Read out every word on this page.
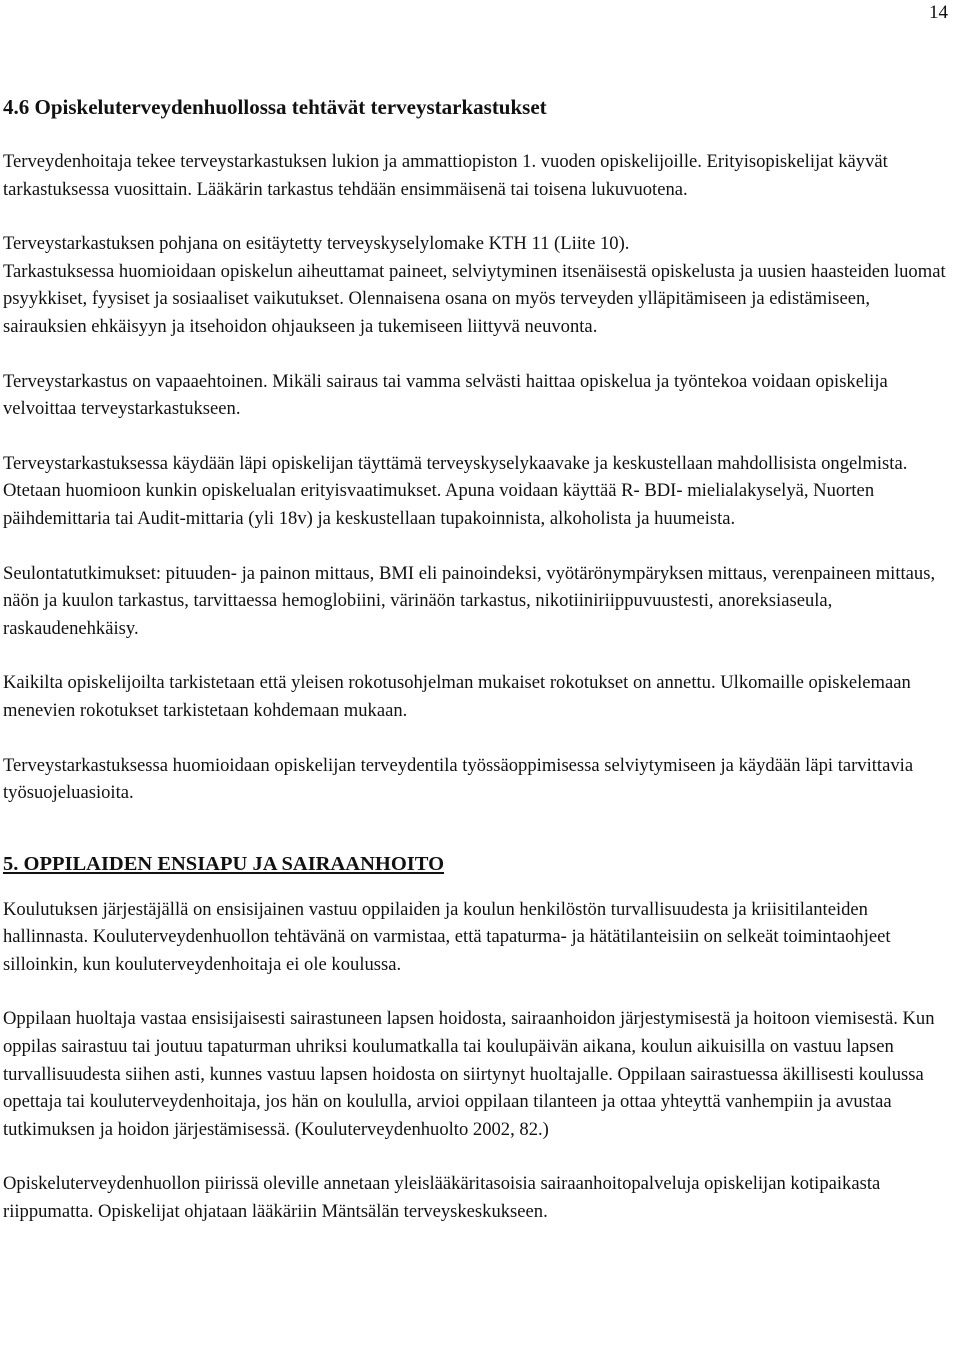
14
4.6 Opiskeluterveydenhuollossa tehtävät terveystarkastukset

Terveydenhoitaja tekee terveystarkastuksen lukion ja ammattiopiston 1. vuoden opiskelijoille. Erityisopiskelijat käyvät tarkastuksessa vuosittain. Lääkärin tarkastus tehdään ensimmäisenä tai toisena lukuvuotena.

Terveystarkastuksen pohjana on esitäytetty terveyskyselylomake KTH 11 (Liite 10).

Tarkastuksessa huomioidaan opiskelun aiheuttamat paineet, selviytyminen itsenäisestä opiskelusta ja uusien haasteiden luomat psyykkiset, fyysiset ja sosiaaliset vaikutukset. Olennaisena osana on myös terveyden ylläpitämiseen ja edistämiseen, sairauksien ehkäisyyn ja itsehoidon ohjaukseen ja tukemiseen liittyvä neuvonta.

Terveystarkastus on vapaaehtoinen. Mikäli sairaus tai vamma selvästi haittaa opiskelua ja työntekoa voidaan opiskelija velvoittaa terveystarkastukseen.

Terveystarkastuksessa käydään läpi opiskelijan täyttämä terveyskyselykaavake ja keskustellaan mahdollisista ongelmista. Otetaan huomioon kunkin opiskelualan erityisvaatimukset. Apuna voidaan käyttää R- BDI- mielialakyselyä, Nuorten päihdemittaria tai Audit-mittaria (yli 18v) ja keskustellaan tupakoinnista, alkoholista ja huumeista.

Seulontatutkimukset: pituuden- ja painon mittaus, BMI eli painoindeksi, vyötärönympäryksen mittaus, verenpaineen mittaus, näön ja kuulon tarkastus, tarvittaessa hemoglobiini, värinäön tarkastus, nikotiiniriippuvuustesti, anoreksiaseula, raskaudenehkäisy.

Kaikilta opiskelijoilta tarkistetaan että yleisen rokotusohjelman mukaiset rokotukset on annettu. Ulkomaille opiskelemaan menevien rokotukset tarkistetaan kohdemaan mukaan.

Terveystarkastuksessa huomioidaan opiskelijan terveydentila työssäoppimisessa selviytymiseen ja käydään läpi tarvittavia työsuojeluasioita.

5. OPPILAIDEN ENSIAPU JA SAIRAANHOITO

Koulutuksen järjestäjällä on ensisijainen vastuu oppilaiden ja koulun henkilöstön turvallisuudesta ja kriisitilanteiden hallinnasta. Kouluterveydenhuollon tehtävänä on varmistaa, että tapaturma- ja hätätilanteisiin on selkeät toimintaohjeet silloinkin, kun kouluterveydenhoitaja ei ole koulussa.

Oppilaan huoltaja vastaa ensisijaisesti sairastuneen lapsen hoidosta, sairaanhoidon järjestymisestä ja hoitoon viemisestä. Kun oppilas sairastuu tai joutuu tapaturman uhriksi koulumatkalla tai koulupäivän aikana, koulun aikuisilla on vastuu lapsen turvallisuudesta siihen asti, kunnes vastuu lapsen hoidosta on siirtynyt huoltajalle. Oppilaan sairastuessa äkillisesti koulussa opettaja tai kouluterveydenhoitaja, jos hän on koululla, arvioi oppilaan tilanteen ja ottaa yhteyttä vanhempiin ja avustaa tutkimuksen ja hoidon järjestämisessä. (Kouluterveydenhuolto 2002, 82.)

Opiskeluterveydenhuollon piirissä oleville annetaan yleislääkäritasoisia sairaanhoitopalveluja opiskelijan kotipaikasta riippumatta. Opiskelijat ohjataan lääkäriin Mäntsälän terveyskeskukseen.
